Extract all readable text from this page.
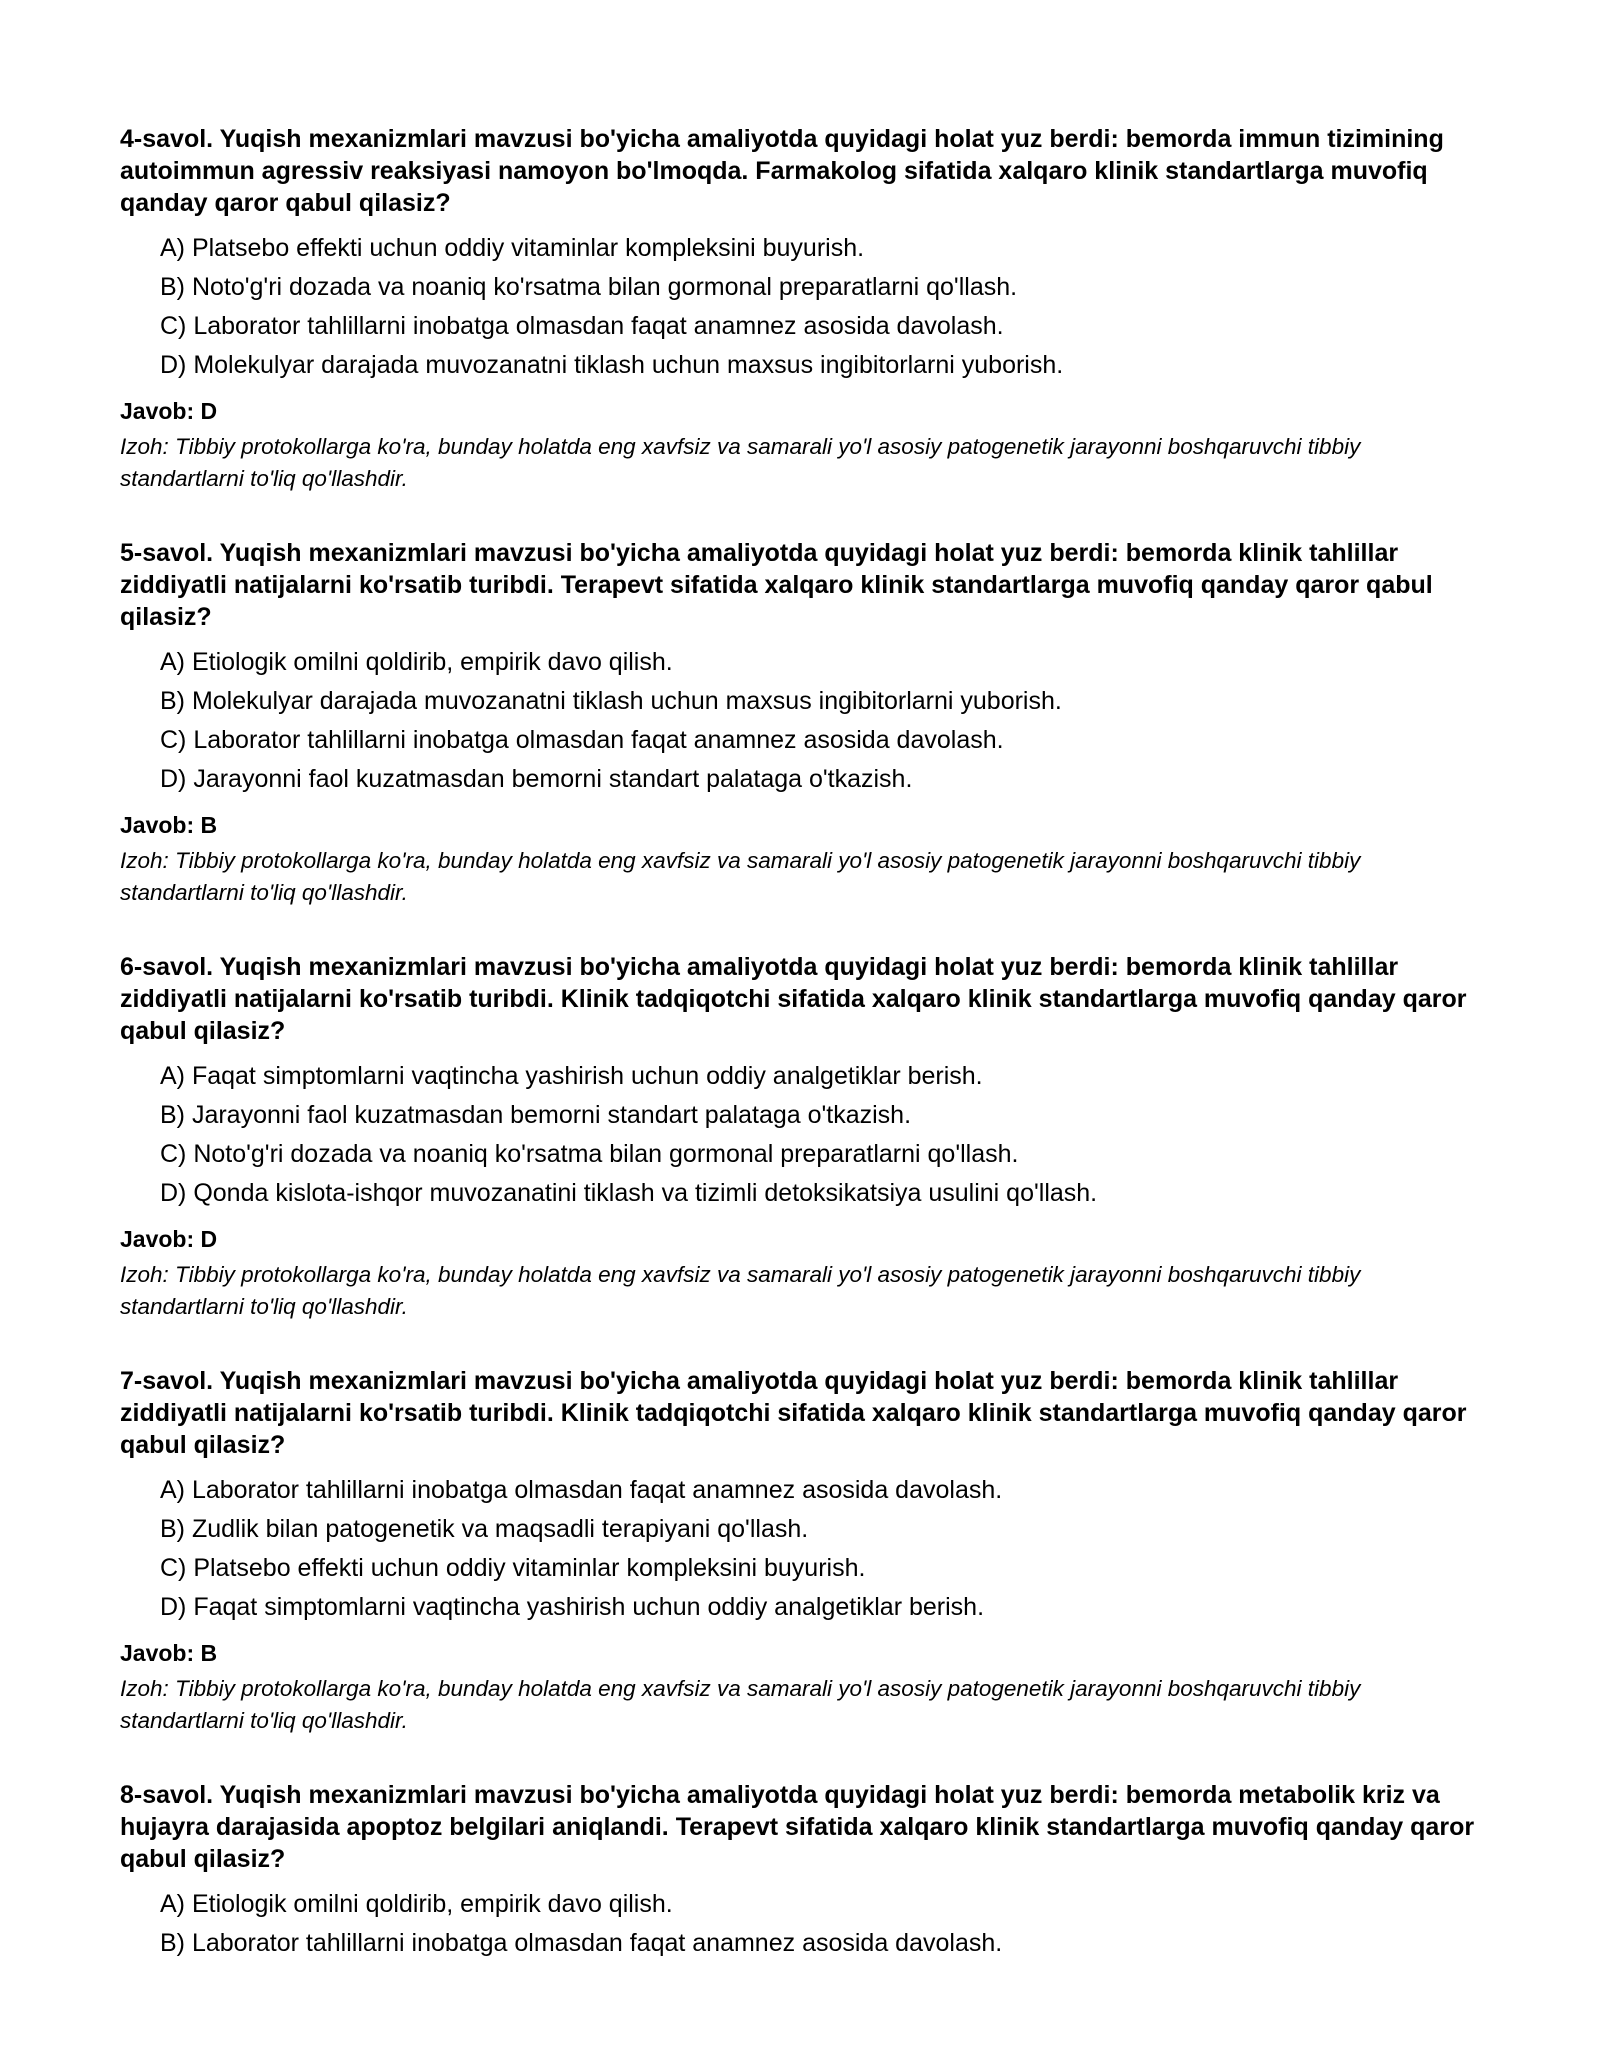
4-savol. Yuqish mexanizmlari mavzusi bo'yicha amaliyotda quyidagi holat yuz berdi: bemorda immun tizimining autoimmun agressiv reaksiyasi namoyon bo'lmoqda. Farmakolog sifatida xalqaro klinik standartlarga muvofiq qanday qaror qabul qilasiz?

A) Platsebo effekti uchun oddiy vitaminlar kompleksini buyurish.
B) Noto'g'ri dozada va noaniq ko'rsatma bilan gormonal preparatlarni qo'llash.
C) Laborator tahlillarni inobatga olmasdan faqat anamnez asosida davolash.
D) Molekulyar darajada muvozanatni tiklash uchun maxsus ingibitorlarni yuborish.

Javob: D

Izoh: Tibbiy protokollarga ko'ra, bunday holatda eng xavfsiz va samarali yo'l asosiy patogenetik jarayonni boshqaruvchi tibbiy standartlarni to'liq qo'llashdir.

5-savol. Yuqish mexanizmlari mavzusi bo'yicha amaliyotda quyidagi holat yuz berdi: bemorda klinik tahlillar ziddiyatli natijalarni ko'rsatib turibdi. Terapevt sifatida xalqaro klinik standartlarga muvofiq qanday qaror qabul qilasiz?

A) Etiologik omilni qoldirib, empirik davo qilish.
B) Molekulyar darajada muvozanatni tiklash uchun maxsus ingibitorlarni yuborish.
C) Laborator tahlillarni inobatga olmasdan faqat anamnez asosida davolash.
D) Jarayonni faol kuzatmasdan bemorni standart palataga o'tkazish.

Javob: B

Izoh: Tibbiy protokollarga ko'ra, bunday holatda eng xavfsiz va samarali yo'l asosiy patogenetik jarayonni boshqaruvchi tibbiy standartlarni to'liq qo'llashdir.

6-savol. Yuqish mexanizmlari mavzusi bo'yicha amaliyotda quyidagi holat yuz berdi: bemorda klinik tahlillar ziddiyatli natijalarni ko'rsatib turibdi. Klinik tadqiqotchi sifatida xalqaro klinik standartlarga muvofiq qanday qaror qabul qilasiz?

A) Faqat simptomlarni vaqtincha yashirish uchun oddiy analgetiklar berish.
B) Jarayonni faol kuzatmasdan bemorni standart palataga o'tkazish.
C) Noto'g'ri dozada va noaniq ko'rsatma bilan gormonal preparatlarni qo'llash.
D) Qonda kislota-ishqor muvozanatini tiklash va tizimli detoksikatsiya usulini qo'llash.

Javob: D

Izoh: Tibbiy protokollarga ko'ra, bunday holatda eng xavfsiz va samarali yo'l asosiy patogenetik jarayonni boshqaruvchi tibbiy standartlarni to'liq qo'llashdir.

7-savol. Yuqish mexanizmlari mavzusi bo'yicha amaliyotda quyidagi holat yuz berdi: bemorda klinik tahlillar ziddiyatli natijalarni ko'rsatib turibdi. Klinik tadqiqotchi sifatida xalqaro klinik standartlarga muvofiq qanday qaror qabul qilasiz?

A) Laborator tahlillarni inobatga olmasdan faqat anamnez asosida davolash.
B) Zudlik bilan patogenetik va maqsadli terapiyani qo'llash.
C) Platsebo effekti uchun oddiy vitaminlar kompleksini buyurish.
D) Faqat simptomlarni vaqtincha yashirish uchun oddiy analgetiklar berish.

Javob: B

Izoh: Tibbiy protokollarga ko'ra, bunday holatda eng xavfsiz va samarali yo'l asosiy patogenetik jarayonni boshqaruvchi tibbiy standartlarni to'liq qo'llashdir.

8-savol. Yuqish mexanizmlari mavzusi bo'yicha amaliyotda quyidagi holat yuz berdi: bemorda metabolik kriz va hujayra darajasida apoptoz belgilari aniqlandi. Terapevt sifatida xalqaro klinik standartlarga muvofiq qanday qaror qabul qilasiz?

A) Etiologik omilni qoldirib, empirik davo qilish.
B) Laborator tahlillarni inobatga olmasdan faqat anamnez asosida davolash.
